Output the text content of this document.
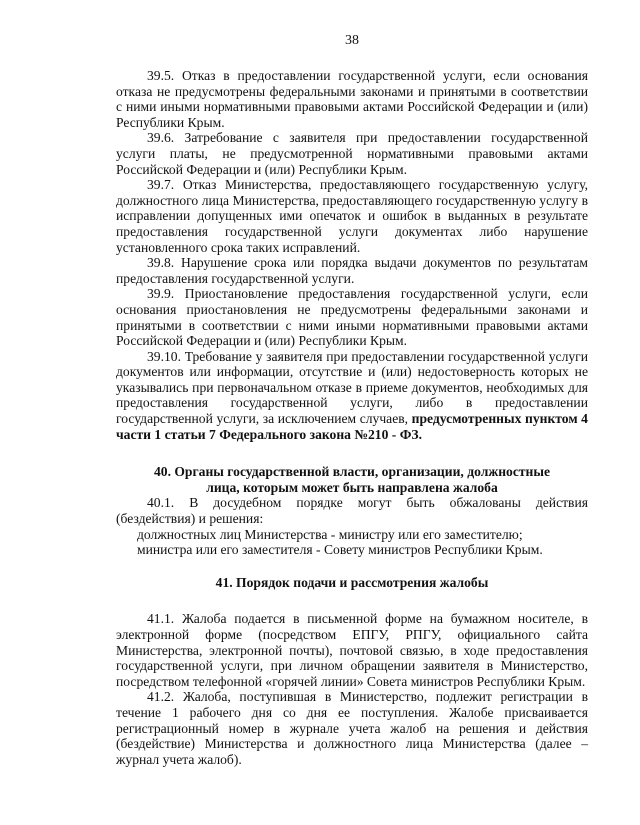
38

39.5. Отказ в предоставлении государственной услуги, если основания отказа не предусмотрены федеральными законами и принятыми в соответствии с ними иными нормативными правовыми актами Российской Федерации и (или) Республики Крым.

39.6. Затребование с заявителя при предоставлении государственной услуги платы, не предусмотренной нормативными правовыми актами Российской Федерации и (или) Республики Крым.

39.7. Отказ Министерства, предоставляющего государственную услугу, должностного лица Министерства, предоставляющего государственную услугу в исправлении допущенных ими опечаток и ошибок в выданных в результате предоставления государственной услуги документах либо нарушение установленного срока таких исправлений.

39.8. Нарушение срока или порядка выдачи документов по результатам предоставления государственной услуги.

39.9. Приостановление предоставления государственной услуги, если основания приостановления не предусмотрены федеральными законами и принятыми в соответствии с ними иными нормативными правовыми актами Российской Федерации и (или) Республики Крым.

39.10. Требование у заявителя при предоставлении государственной услуги документов или информации, отсутствие и (или) недостоверность которых не указывались при первоначальном отказе в приеме документов, необходимых для предоставления государственной услуги, либо в предоставлении государственной услуги, за исключением случаев, предусмотренных пунктом 4 части 1 статьи 7 Федерального закона №210 - ФЗ.

40. Органы государственной власти, организации, должностные
лица, которым может быть направлена жалоба

40.1. В досудебном порядке могут быть обжалованы действия (бездействия) и решения:

должностных лиц Министерства - министру или его заместителю;

министра или его заместителя - Совету министров Республики Крым.

41. Порядок подачи и рассмотрения жалобы

41.1. Жалоба подается в письменной форме на бумажном носителе, в электронной форме (посредством ЕПГУ, РПГУ, официального сайта Министерства, электронной почты), почтовой связью, в ходе предоставления государственной услуги, при личном обращении заявителя в Министерство, посредством телефонной «горячей линии» Совета министров Республики Крым.

41.2. Жалоба, поступившая в Министерство, подлежит регистрации в течение 1 рабочего дня со дня ее поступления. Жалобе присваивается регистрационный номер в журнале учета жалоб на решения и действия (бездействие) Министерства и должностного лица Министерства (далее – журнал учета жалоб).
